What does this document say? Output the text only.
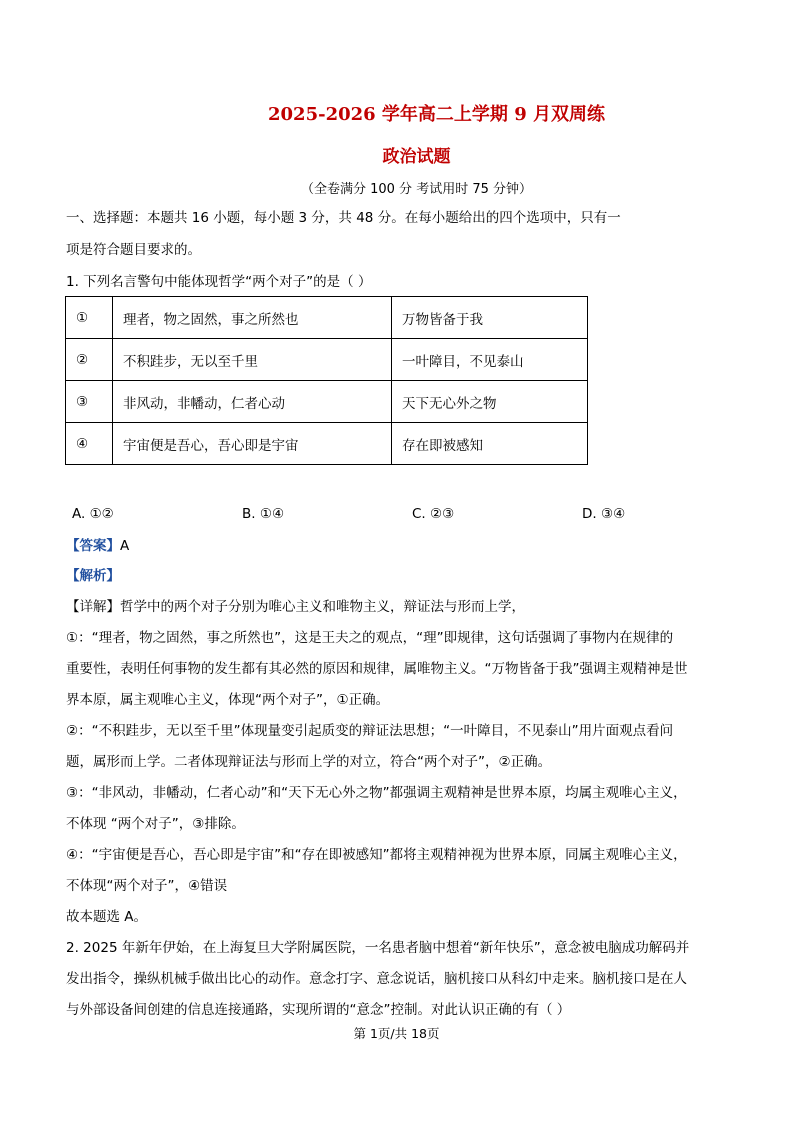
2025-2026 学年高二上学期 9 月双周练
政治试题
（全卷满分 100 分 考试用时 75 分钟）
一、选择题：本题共 16 小题，每小题 3 分，共 48 分。在每小题给出的四个选项中，只有一
项是符合题目要求的。
1. 下列名言警句中能体现哲学“两个对子”的是（ ）
①	理者，物之固然，事之所然也	万物皆备于我
②	不积跬步，无以至千里	一叶障目，不见泰山
③	非风动，非幡动，仁者心动	天下无心外之物
④	宇宙便是吾心，吾心即是宇宙	存在即被感知
A. ①②	B. ①④	C. ②③	D. ③④
【答案】A
【解析】
【详解】哲学中的两个对子分别为唯心主义和唯物主义，辩证法与形而上学，
①：“理者，物之固然，事之所然也”，这是王夫之的观点，“理”即规律，这句话强调了事物内在规律的
重要性，表明任何事物的发生都有其必然的原因和规律，属唯物主义。“万物皆备于我”强调主观精神是世
界本原，属主观唯心主义，体现“两个对子”，①正确。
②：“不积跬步，无以至千里”体现量变引起质变的辩证法思想；“一叶障目，不见泰山”用片面观点看问
题，属形而上学。二者体现辩证法与形而上学的对立，符合“两个对子”，②正确。
③：“非风动，非幡动，仁者心动”和“天下无心外之物”都强调主观精神是世界本原，均属主观唯心主义，
不体现 “两个对子”，③排除。
④：“宇宙便是吾心，吾心即是宇宙”和“存在即被感知”都将主观精神视为世界本原，同属主观唯心主义，
不体现“两个对子”，④错误
故本题选 A。
2. 2025 年新年伊始，在上海复旦大学附属医院，一名患者脑中想着“新年快乐”，意念被电脑成功解码并
发出指令，操纵机械手做出比心的动作。意念打字、意念说话，脑机接口从科幻中走来。脑机接口是在人
与外部设备间创建的信息连接通路，实现所谓的“意念”控制。对此认识正确的有（ ）
第 1页/共 18页
